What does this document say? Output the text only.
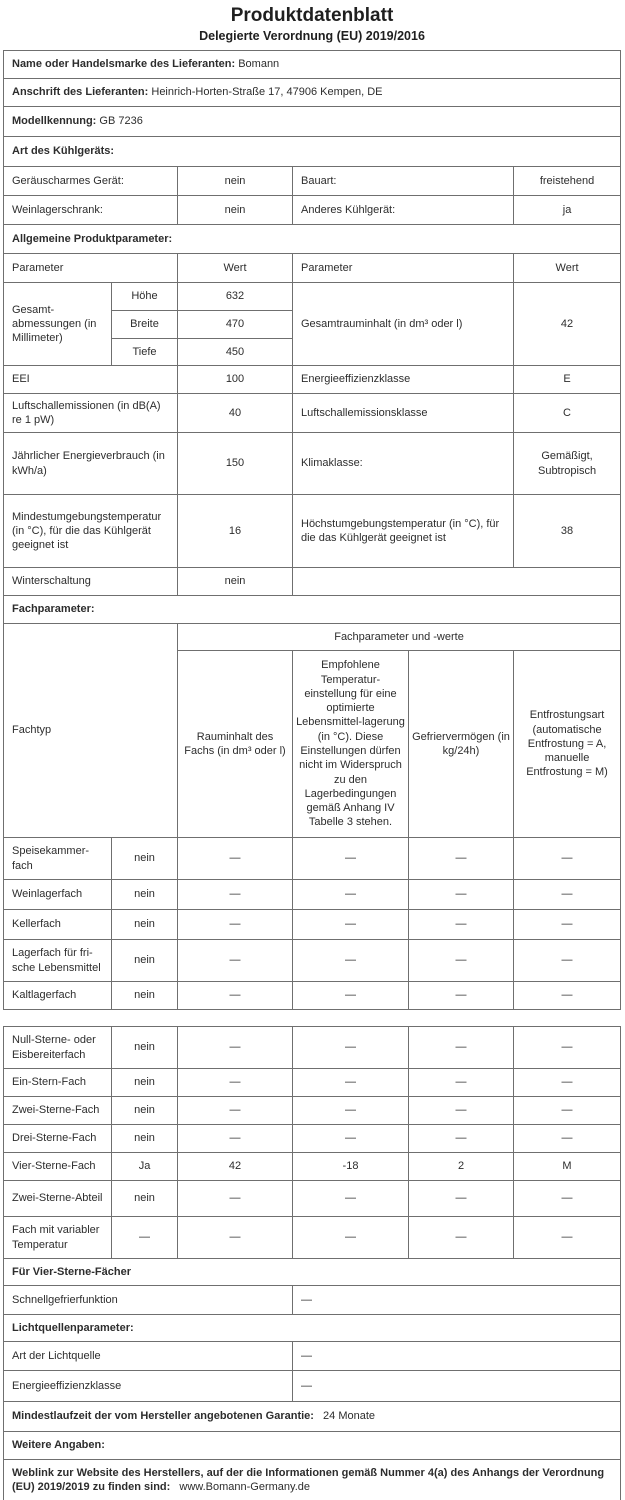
Produktdatenblatt
Delegierte Verordnung (EU) 2019/2016
Name oder Handelsmarke des Lieferanten: Bomann					
Anschrift des Lieferanten: Heinrich-Horten-Straße 17, 47906 Kempen, DE					
Modellkennung: GB 7236					
Art des Kühlgeräts:					
Geräuscharmes Gerät:		nein	Bauart:		freistehend
Weinlagerschrank:		nein	Anderes Kühlgerät:		ja
Allgemeine Produktparameter:					
Parameter		Wert	Parameter		Wert
Gesamt-abmessungen (in Millimeter)	Höhe	632	Gesamtrauminhalt (in dm³ oder l)		42
	Breite	470			
	Tiefe	450			
EEI		100	Energieeffizienzklasse		E
Luftschallemissionen (in dB(A) re 1 pW)		40	Luftschallemissionsklasse		C
Jährlicher Energieverbrauch (in kWh/a)		150	Klimaklasse:		Gemäßigt, Subtropisch
Mindestumgebungstemperatur (in °C), für die das Kühlgerät geeignet ist		16	Höchstumgebungstemperatur (in °C), für die das Kühlgerät geeignet ist		38
Winterschaltung		nein			
Fachparameter:					
Fachtyp		Fachparameter und -werte			
		Rauminhalt des Fachs (in dm³ oder l)	Empfohlene Temperatur-einstellung für eine optimierte Lebensmittel-lagerung (in °C). Diese Einstellungen dürfen nicht im Widerspruch zu den Lagerbedingungen gemäß Anhang IV Tabelle 3 stehen.	Gefriervermögen (in kg/24h)	Entfrostungsart (automatische Entfrostung = A, manuelle Entfrostung = M)
Speisekammer-fach	nein	—	—	—	—
Weinlagerfach	nein	—	—	—	—
Kellerfach	nein	—	—	—	—
Lagerfach für fri-sche Lebensmittel	nein	—	—	—	—
Kaltlagerfach	nein	—	—	—	—
Null-Sterne- oder Eisbereiterfach	nein	—	—	—	—
Ein-Stern-Fach	nein	—	—	—	—
Zwei-Sterne-Fach	nein	—	—	—	—
Drei-Sterne-Fach	nein	—	—	—	—
Vier-Sterne-Fach	Ja	42	-18	2	M
Zwei-Sterne-Abteil	nein	—	—	—	—
Fach mit variabler Temperatur	—	—	—	—	—
Für Vier-Sterne-Fächer					
Schnellgefrierfunktion			—		
Lichtquellenparameter:					
Art der Lichtquelle			—		
Energieeffizienzklasse			—		
Mindestlaufzeit der vom Hersteller angebotenen Garantie: 24 Monate					
Weitere Angaben:					
Weblink zur Website des Herstellers, auf der die Informationen gemäß Nummer 4(a) des Anhangs der Verordnung (EU) 2019/2019 zu finden sind: www.Bomann-Germany.de					
